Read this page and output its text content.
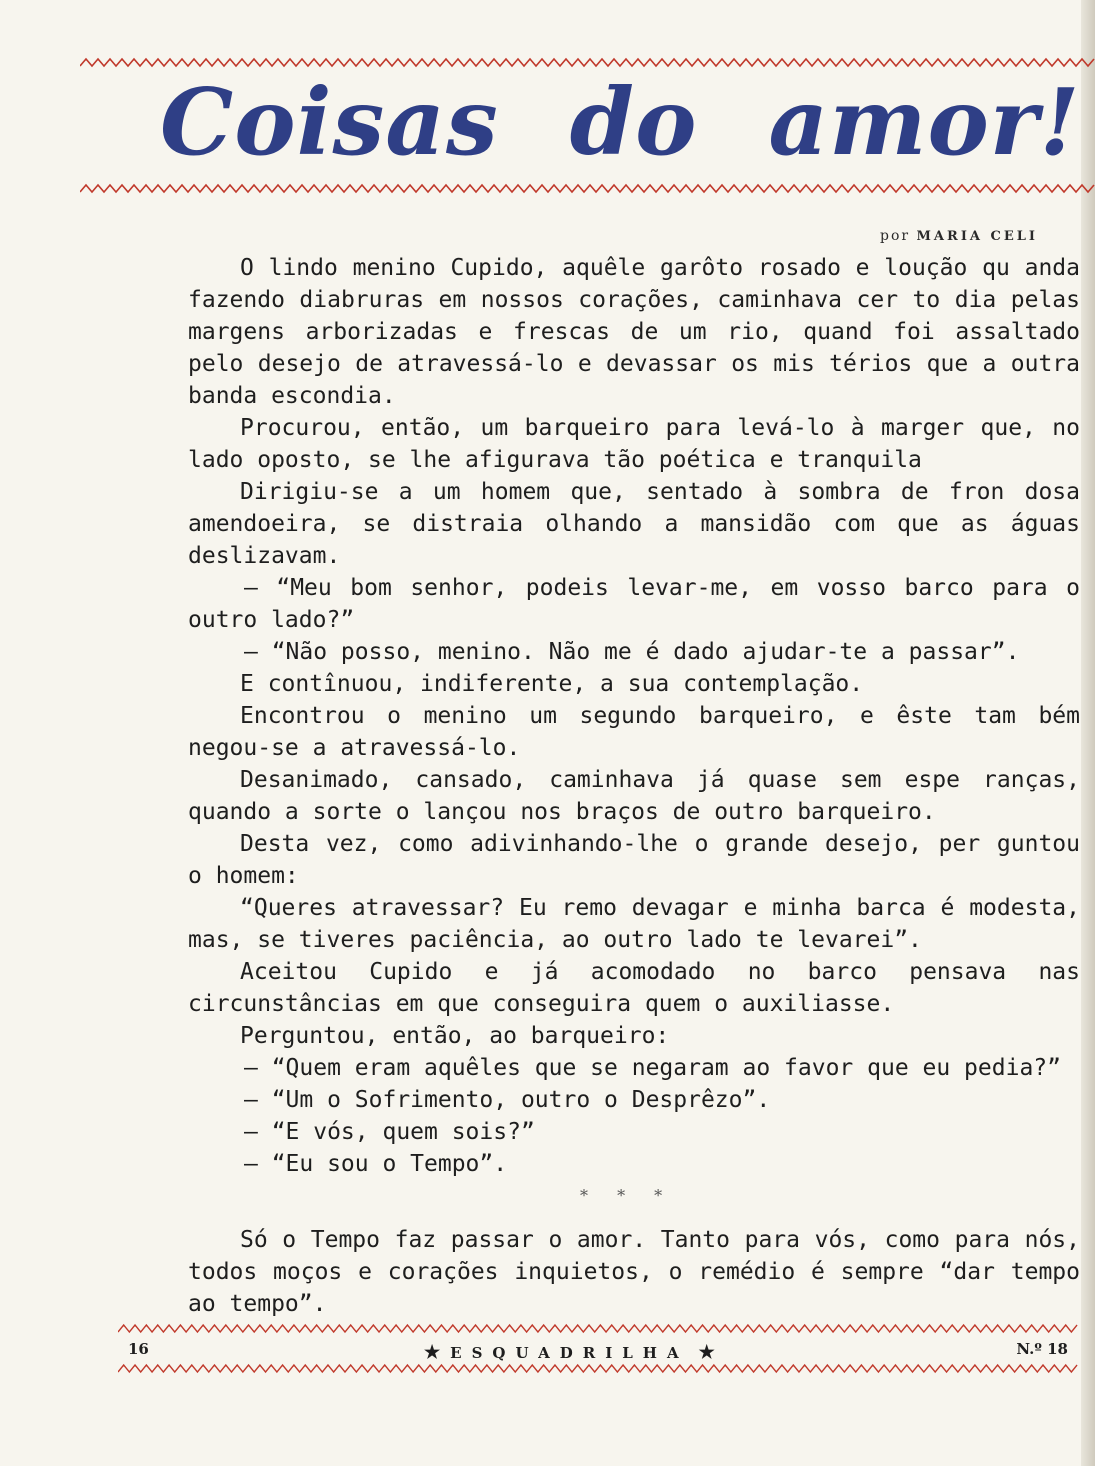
Coisas do amor!
por MARIA CELI

O lindo menino Cupido, aquêle garôto rosado e loução qu anda fazendo diabruras em nossos corações, caminhava cer to dia pelas margens arborizadas e frescas de um rio, quand foi assaltado pelo desejo de atravessá-lo e devassar os mis térios que a outra banda escondia.

Procurou, então, um barqueiro para levá-lo à marger que, no lado oposto, se lhe afigurava tão poética e tranquila

Dirigiu-se a um homem que, sentado à sombra de fron dosa amendoeira, se distraia olhando a mansidão com que as águas deslizavam.

— “Meu bom senhor, podeis levar-me, em vosso barco para o outro lado?”

— “Não posso, menino. Não me é dado ajudar-te a passar”.

E contînuou, indiferente, a sua contemplação.

Encontrou o menino um segundo barqueiro, e êste tam bém negou-se a atravessá-lo.

Desanimado, cansado, caminhava já quase sem espe ranças, quando a sorte o lançou nos braços de outro barqueiro.

Desta vez, como adivinhando-lhe o grande desejo, per guntou o homem:

“Queres atravessar? Eu remo devagar e minha barca é modesta, mas, se tiveres paciência, ao outro lado te levarei”.

Aceitou Cupido e já acomodado no barco pensava nas circunstâncias em que conseguira quem o auxiliasse.

Perguntou, então, ao barqueiro:

— “Quem eram aquêles que se negaram ao favor que eu pedia?”

— “Um o Sofrimento, outro o Desprêzo”.

— “E vós, quem sois?”

— “Eu sou o Tempo”.

* * *

Só o Tempo faz passar o amor. Tanto para vós, como para nós, todos moços e corações inquietos, o remédio é sempre “dar tempo ao tempo”.

16	★ ESQUADRILHA ★	N.º 18
